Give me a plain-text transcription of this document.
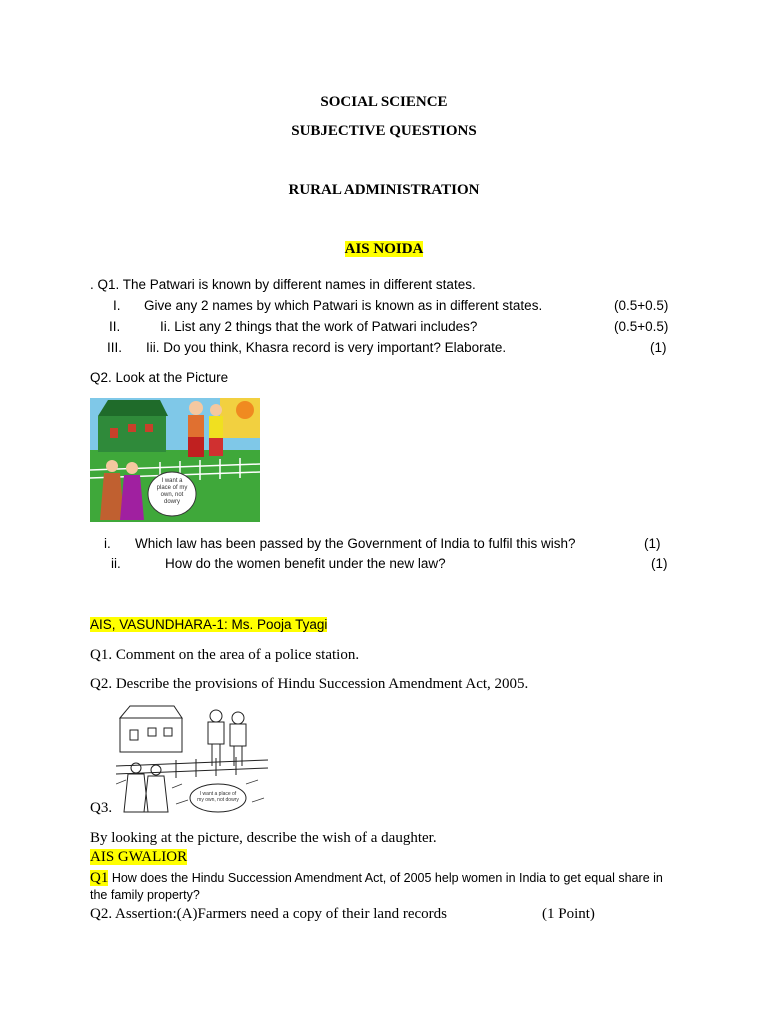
SOCIAL SCIENCE
SUBJECTIVE QUESTIONS
RURAL ADMINISTRATION
AIS NOIDA
. Q1. The Patwari is known by different names in different states.
I. Give any 2 names by which Patwari is known as in different states.	(0.5+0.5)
II.	Ii. List any 2 things that the work of Patwari includes?	(0.5+0.5)
III. Iii. Do you think, Khasra record is very important? Elaborate.	(1)
Q2. Look at the Picture
I want a place of my own, not dowry
i. Which law has been passed by the Government of India to fulfil this wish?	(1)
ii.	How do the women benefit under the new law?	(1)
AIS, VASUNDHARA-1: Ms. Pooja Tyagi
Q1. Comment on the area of a police station.
Q2. Describe the provisions of Hindu Succession Amendment Act, 2005.
I want a place of my own, not dowry
Q3.
By looking at the picture, describe the wish of a daughter.
AIS GWALIOR
Q1 How does the Hindu Succession Amendment Act, of 2005 help women in India to get equal share in
the family property?
Q2. Assertion:(A)Farmers need a copy of their land records	(1 Point)
